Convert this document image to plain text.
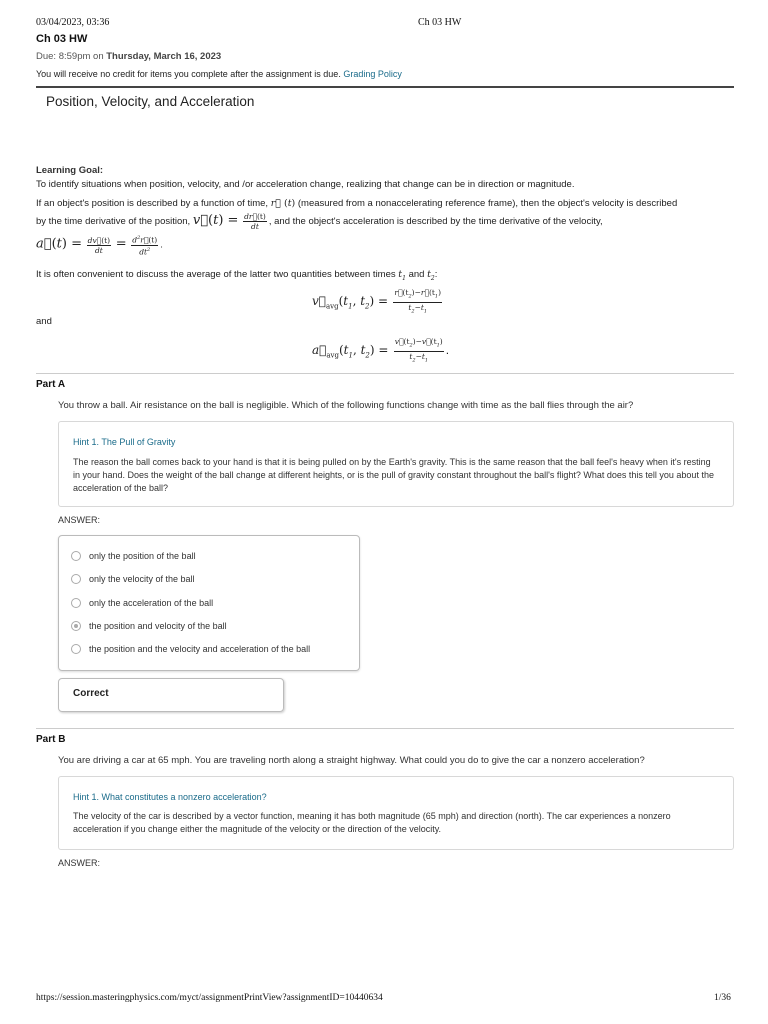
03/04/2023, 03:36	Ch 03 HW
Ch 03 HW
Due: 8:59pm on Thursday, March 16, 2023
You will receive no credit for items you complete after the assignment is due. Grading Policy
Position, Velocity, and Acceleration
Learning Goal:
To identify situations when position, velocity, and /or acceleration change, realizing that change can be in direction or magnitude.
If an object's position is described by a function of time, r⃗ (t) (measured from a nonaccelerating reference frame), then the object's velocity is described
by the time derivative of the position, v⃗(t) = $\frac{dr⃗(t)}{dt}$ , and the object's acceleration is described by the time derivative of the velocity,
a⃗(t) = $\frac{dv⃗(t)}{dt} = \frac{d^2r⃗(t)}{dt^2}$ .
It is often convenient to discuss the average of the latter two quantities between times $t_1$ and $t_2$:
$v⃗_{avg}(t_1$, $t_2) = \frac{r⃗(t_2)-r⃗(t_1)}{t_2-t_1}$
and
$a⃗_{avg}(t_1$, $t_2) = \frac{v⃗(t_2)-v⃗(t_1)}{t_2-t_1}$ .
Part A
You throw a ball. Air resistance on the ball is negligible. Which of the following functions change with time as the ball flies through the air?
Hint 1. The Pull of Gravity
The reason the ball comes back to your hand is that it is being pulled on by the Earth's gravity. This is the same reason that the ball feel's heavy when it's resting in your hand. Does the weight of the ball change at different heights, or is the pull of gravity constant throughout the ball's flight? What does this tell you about the acceleration of the ball?
ANSWER:
only the position of the ball
only the velocity of the ball
only the acceleration of the ball
the position and velocity of the ball
the position and the velocity and acceleration of the ball
Correct
Part B
You are driving a car at 65 mph. You are traveling north along a straight highway. What could you do to give the car a nonzero acceleration?
Hint 1. What constitutes a nonzero acceleration?
The velocity of the car is described by a vector function, meaning it has both magnitude (65 mph) and direction (north). The car experiences a nonzero acceleration if you change either the magnitude of the velocity or the direction of the velocity.
ANSWER:
https://session.masteringphysics.com/myct/assignmentPrintView?assignmentID=10440634	1/36
